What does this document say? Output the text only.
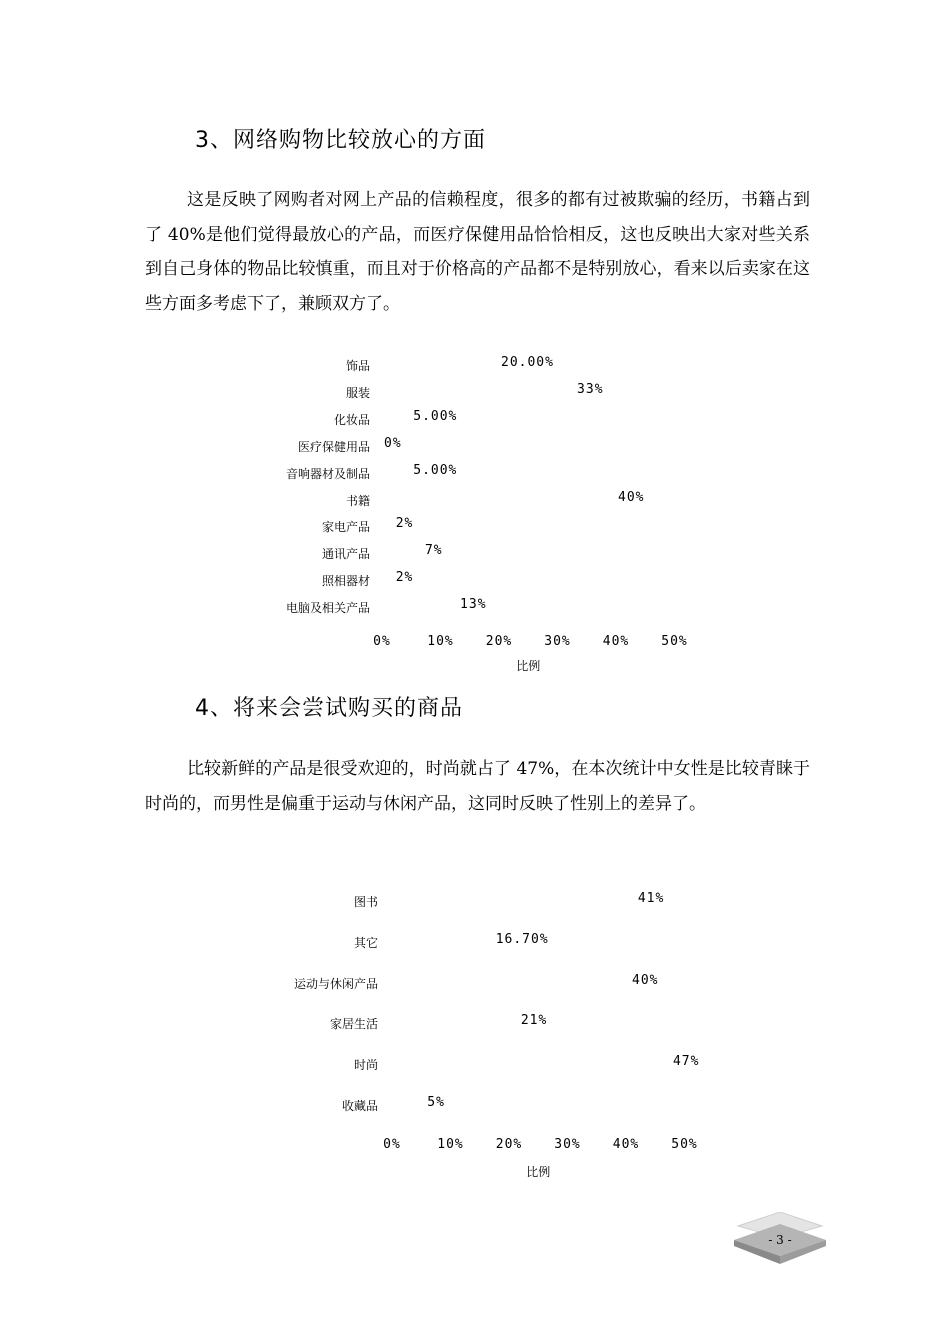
3、网络购物比较放心的方面
这是反映了网购者对网上产品的信赖程度，很多的都有过被欺骗的经历，书籍占到了 40%是他们觉得最放心的产品，而医疗保健用品恰恰相反，这也反映出大家对些关系到自己身体的物品比较慎重，而且对于价格高的产品都不是特别放心，看来以后卖家在这些方面多考虑下了，兼顾双方了。
饰品	20.00%
服装	33%
化妆品	5.00%
医疗保健用品 0%
音响器材及制品	5.00%
书籍	40%
家电产品 2%
通讯产品	7%
照相器材 2%
电脑及相关产品	13%
0%	10% 20% 30% 40% 50%
比例
4、将来会尝试购买的商品
比较新鲜的产品是很受欢迎的，时尚就占了 47%，在本次统计中女性是比较青睐于时尚的，而男性是偏重于运动与休闲产品，这同时反映了性别上的差异了。
图书	41%
其它	16.70%
运动与休闲产品	40%
家居生活	21%
时尚	47%
收藏品	5%
0%	10% 20% 30% 40% 50%
比例
- 3 -
